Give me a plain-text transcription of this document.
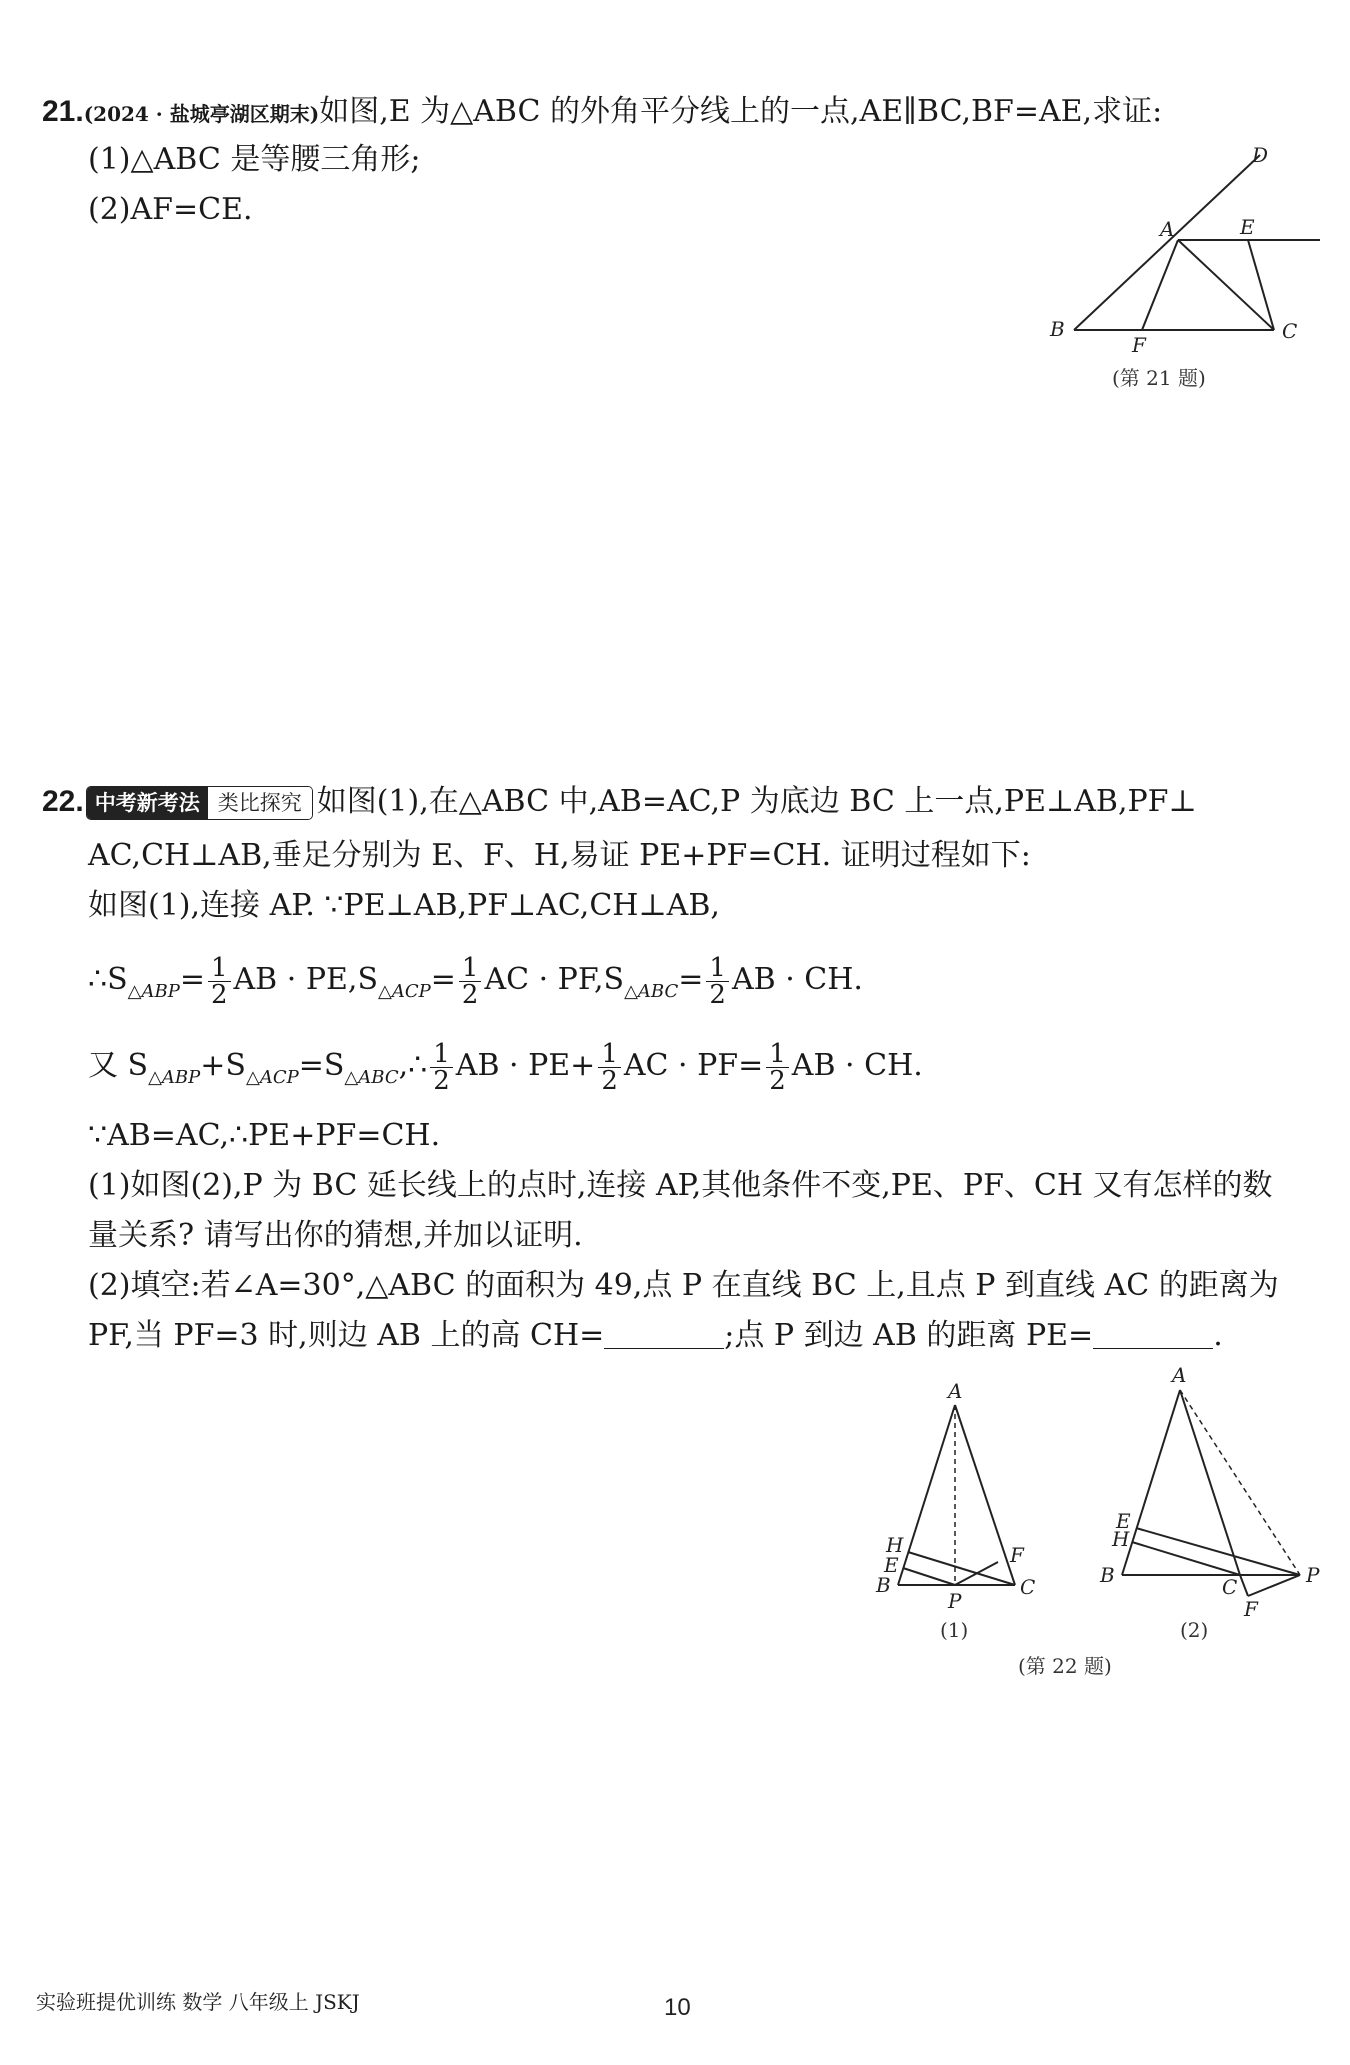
21.(2024 · 盐城亭湖区期末)如图,E 为△ABC 的外角平分线上的一点,AE∥BC,BF=AE,求证:
(1)△ABC 是等腰三角形;
(2)AF=CE.
D
A	E
B
F
C
(第 21 题)
22. 中考新考法 类比探究 如图(1),在△ABC 中,AB=AC,P 为底边 BC 上一点,PE⊥AB,PF⊥
AC,CH⊥AB,垂足分别为 E、F、H,易证 PE+PF=CH. 证明过程如下:
如图(1),连接 AP. ∵PE⊥AB,PF⊥AC,CH⊥AB,
$\therefore S_{\triangle ABP}= \frac{1}{2}$ AB · $PE,S_{\triangle ACP}= \frac{1}{2}$ AC · $PF,S_{\triangle ABC}= \frac{1}{2}$ AB · CH.
又 $S_{\triangle ABP}+S_{\triangle ACP}=S_{\triangle ABC},\therefore \frac{1}{2}$ AB · $PE+ \frac{1}{2}$ AC · $PF= \frac{1}{2}$ AB · CH.
∵AB=AC,∴PE+PF=CH.
(1)如图(2),P 为 BC 延长线上的点时,连接 AP,其他条件不变,PE、PF、CH 又有怎样的数
量关系? 请写出你的猜想,并加以证明.
(2)填空:若∠A=30°,△ABC 的面积为 49,点 P 在直线 BC 上,且点 P 到直线 AC 的距离为
PF,当 PF=3 时,则边 AB 上的高 CH=	;点 P 到边 AB 的距离 PE=	.
A
H
E
B
P
F
C
(1)
A
E
H
B	C
F
P
(2)
(第 22 题)
实验班提优训练 数学 八年级上 JSKJ	10
